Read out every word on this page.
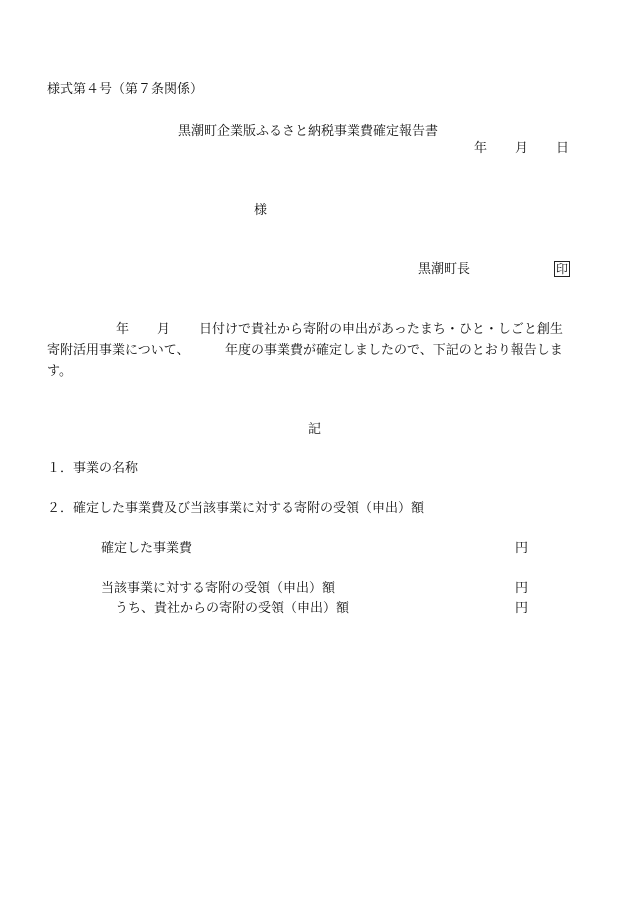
様式第４号（第７条関係）
黒潮町企業版ふるさと納税事業費確定報告書
年 月 日
様
黒潮町長	印
年 月 日付けで貴社から寄附の申出があったまち・ひと・しごと創生
寄附活用事業について、	年度の事業費が確定しましたので、下記のとおり報告しま
す。
記
１．事業の名称
２．確定した事業費及び当該事業に対する寄附の受領（申出）額
確定した事業費	円
当該事業に対する寄附の受領（申出）額	円
うち、貴社からの寄附の受領（申出）額	円
